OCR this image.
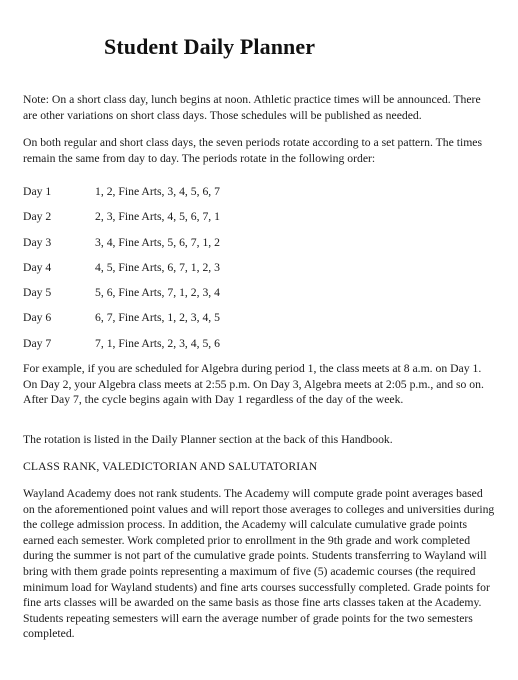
Student Daily Planner

Note: On a short class day, lunch begins at noon. Athletic practice times will be announced. There are other variations on short class days. Those schedules will be published as needed.

On both regular and short class days, the seven periods rotate according to a set pattern. The times remain the same from day to day. The periods rotate in the following order:

Day 1	1, 2, Fine Arts, 3, 4, 5, 6, 7
Day 2	2, 3, Fine Arts, 4, 5, 6, 7, 1
Day 3	3, 4, Fine Arts, 5, 6, 7, 1, 2
Day 4	4, 5, Fine Arts, 6, 7, 1, 2, 3
Day 5	5, 6, Fine Arts, 7, 1, 2, 3, 4
Day 6	6, 7, Fine Arts, 1, 2, 3, 4, 5
Day 7	7, 1, Fine Arts, 2, 3, 4, 5, 6

For example, if you are scheduled for Algebra during period 1, the class meets at 8 a.m. on Day 1. On Day 2, your Algebra class meets at 2:55 p.m. On Day 3, Algebra meets at 2:05 p.m., and so on. After Day 7, the cycle begins again with Day 1 regardless of the day of the week.

The rotation is listed in the Daily Planner section at the back of this Handbook.

CLASS RANK, VALEDICTORIAN AND SALUTATORIAN

Wayland Academy does not rank students. The Academy will compute grade point averages based on the aforementioned point values and will report those averages to colleges and universities during the college admission process. In addition, the Academy will calculate cumulative grade points earned each semester. Work completed prior to enrollment in the 9th grade and work completed during the summer is not part of the cumulative grade points. Students transferring to Wayland will bring with them grade points representing a maximum of five (5) academic courses (the required minimum load for Wayland students) and fine arts courses successfully completed. Grade points for fine arts classes will be awarded on the same basis as those fine arts classes taken at the Academy. Students repeating semesters will earn the average number of grade points for the two semesters completed.
